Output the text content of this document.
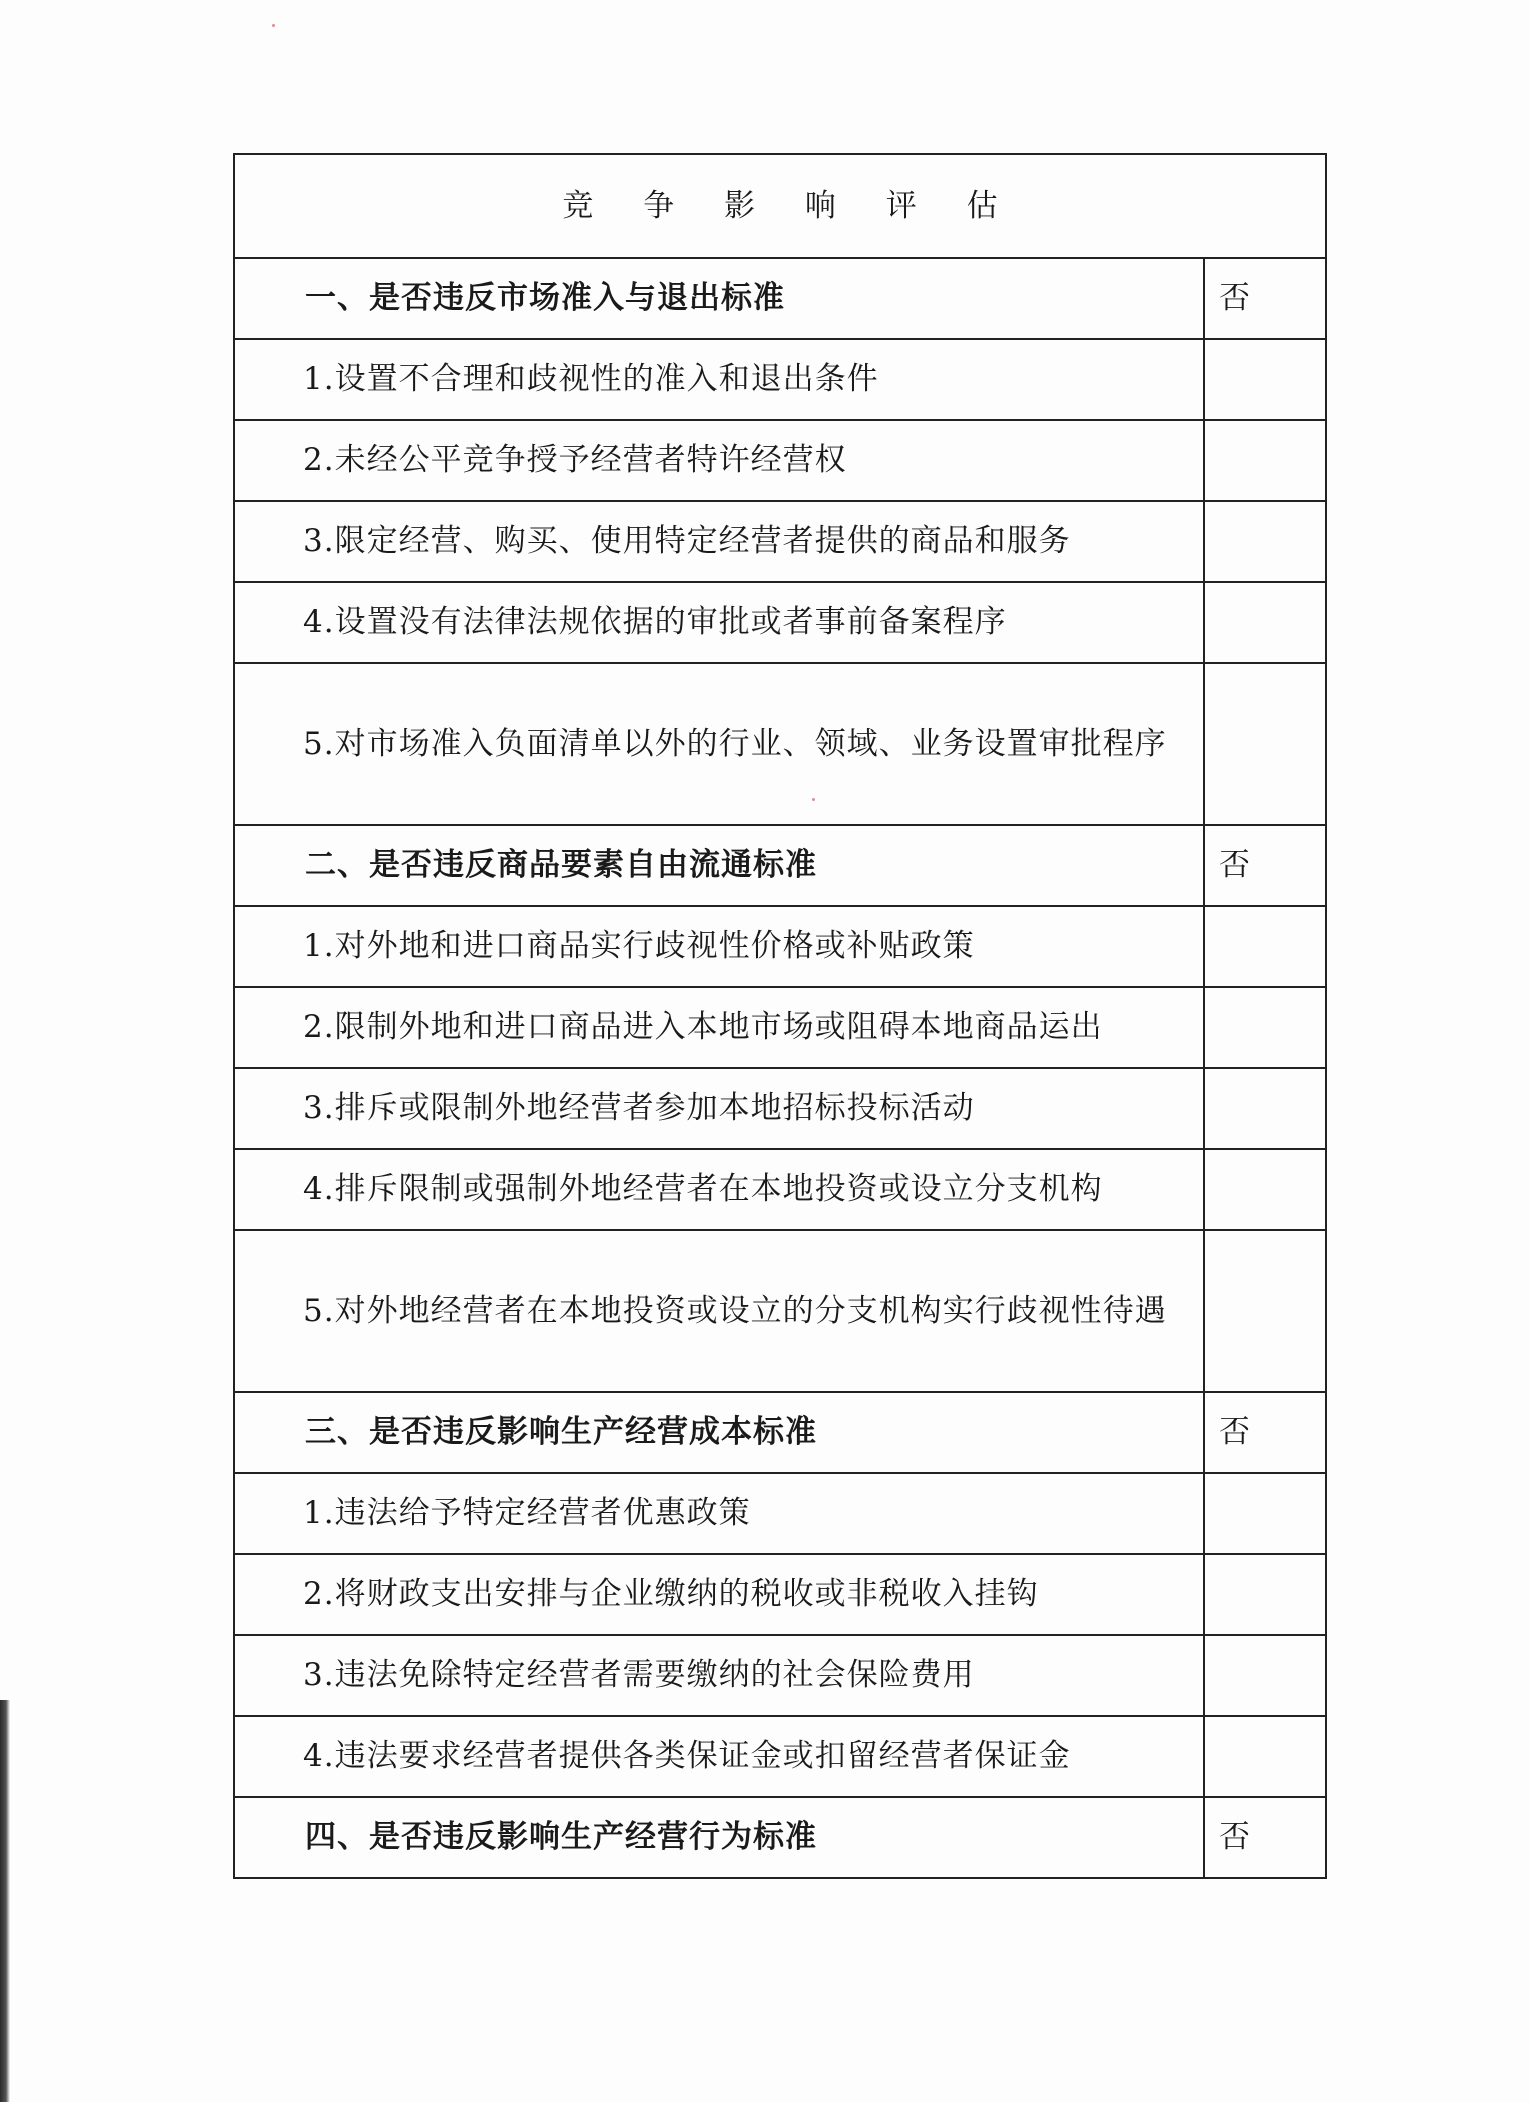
竞 争 影 响 评 估	
一、是否违反市场准入与退出标准	否
1.设置不合理和歧视性的准入和退出条件	
2.未经公平竞争授予经营者特许经营权	
3.限定经营、购买、使用特定经营者提供的商品和服务	
4.设置没有法律法规依据的审批或者事前备案程序	
5.对市场准入负面清单以外的行业、领域、业务设置审批程序	
二、是否违反商品要素自由流通标准	否
1.对外地和进口商品实行歧视性价格或补贴政策	
2.限制外地和进口商品进入本地市场或阻碍本地商品运出	
3.排斥或限制外地经营者参加本地招标投标活动	
4.排斥限制或强制外地经营者在本地投资或设立分支机构	
5.对外地经营者在本地投资或设立的分支机构实行歧视性待遇	
三、是否违反影响生产经营成本标准	否
1.违法给予特定经营者优惠政策	
2.将财政支出安排与企业缴纳的税收或非税收入挂钩	
3.违法免除特定经营者需要缴纳的社会保险费用	
4.违法要求经营者提供各类保证金或扣留经营者保证金	
四、是否违反影响生产经营行为标准	否
